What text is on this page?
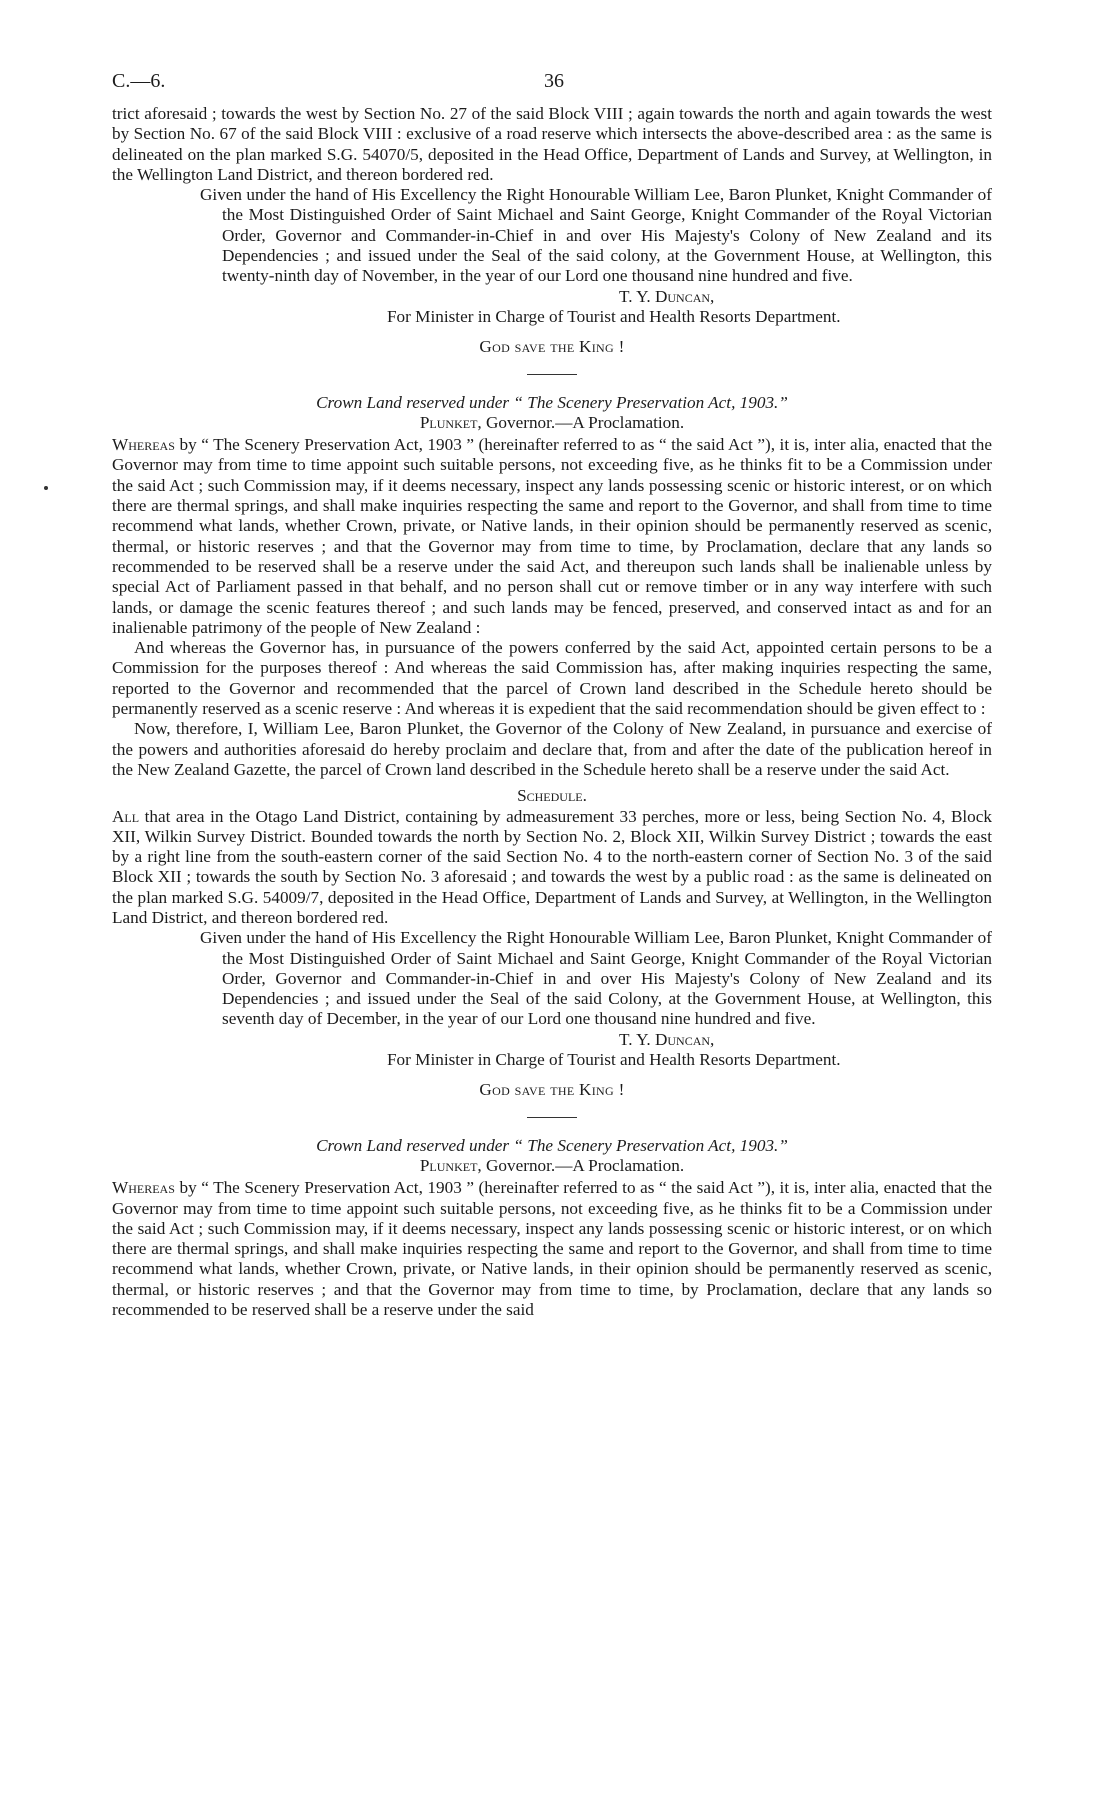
C.—6.	36

trict aforesaid ; towards the west by Section No. 27 of the said Block VIII ; again towards the north and again towards the west by Section No. 67 of the said Block VIII : exclusive of a road reserve which intersects the above-described area : as the same is delineated on the plan marked S.G. 54070/5, deposited in the Head Office, Department of Lands and Survey, at Wellington, in the Wellington Land District, and thereon bordered red.

Given under the hand of His Excellency the Right Honourable William Lee, Baron Plunket, Knight Commander of the Most Distinguished Order of Saint Michael and Saint George, Knight Commander of the Royal Victorian Order, Governor and Commander-in-Chief in and over His Majesty's Colony of New Zealand and its Dependencies ; and issued under the Seal of the said colony, at the Government House, at Wellington, this twenty-ninth day of November, in the year of our Lord one thousand nine hundred and five.

T. Y. Duncan,

For Minister in Charge of Tourist and Health Resorts Department.

God save the King !

Crown Land reserved under “ The Scenery Preservation Act, 1903.”

Plunket, Governor.—A Proclamation.

Whereas by “ The Scenery Preservation Act, 1903 ” (hereinafter referred to as “ the said Act ”), it is, inter alia, enacted that the Governor may from time to time appoint such suitable persons, not exceeding five, as he thinks fit to be a Commission under the said Act ; such Commission may, if it deems necessary, inspect any lands possessing scenic or historic interest, or on which there are thermal springs, and shall make inquiries respecting the same and report to the Governor, and shall from time to time recommend what lands, whether Crown, private, or Native lands, in their opinion should be permanently reserved as scenic, thermal, or historic reserves ; and that the Governor may from time to time, by Proclamation, declare that any lands so recommended to be reserved shall be a reserve under the said Act, and thereupon such lands shall be inalienable unless by special Act of Parliament passed in that behalf, and no person shall cut or remove timber or in any way interfere with such lands, or damage the scenic features thereof ; and such lands may be fenced, preserved, and conserved intact as and for an inalienable patrimony of the people of New Zealand :

And whereas the Governor has, in pursuance of the powers conferred by the said Act, appointed certain persons to be a Commission for the purposes thereof : And whereas the said Commission has, after making inquiries respecting the same, reported to the Governor and recommended that the parcel of Crown land described in the Schedule hereto should be permanently reserved as a scenic reserve : And whereas it is expedient that the said recommendation should be given effect to :

Now, therefore, I, William Lee, Baron Plunket, the Governor of the Colony of New Zealand, in pursuance and exercise of the powers and authorities aforesaid do hereby proclaim and declare that, from and after the date of the publication hereof in the New Zealand Gazette, the parcel of Crown land described in the Schedule hereto shall be a reserve under the said Act.

Schedule.

All that area in the Otago Land District, containing by admeasurement 33 perches, more or less, being Section No. 4, Block XII, Wilkin Survey District. Bounded towards the north by Section No. 2, Block XII, Wilkin Survey District ; towards the east by a right line from the south-eastern corner of the said Section No. 4 to the north-eastern corner of Section No. 3 of the said Block XII ; towards the south by Section No. 3 aforesaid ; and towards the west by a public road : as the same is delineated on the plan marked S.G. 54009/7, deposited in the Head Office, Department of Lands and Survey, at Wellington, in the Wellington Land District, and thereon bordered red.

Given under the hand of His Excellency the Right Honourable William Lee, Baron Plunket, Knight Commander of the Most Distinguished Order of Saint Michael and Saint George, Knight Commander of the Royal Victorian Order, Governor and Commander-in-Chief in and over His Majesty's Colony of New Zealand and its Dependencies ; and issued under the Seal of the said Colony, at the Government House, at Wellington, this seventh day of December, in the year of our Lord one thousand nine hundred and five.

T. Y. Duncan,

For Minister in Charge of Tourist and Health Resorts Department.

God save the King !

Crown Land reserved under “ The Scenery Preservation Act, 1903.”

Plunket, Governor.—A Proclamation.

Whereas by “ The Scenery Preservation Act, 1903 ” (hereinafter referred to as “ the said Act ”), it is, inter alia, enacted that the Governor may from time to time appoint such suitable persons, not exceeding five, as he thinks fit to be a Commission under the said Act ; such Commission may, if it deems necessary, inspect any lands possessing scenic or historic interest, or on which there are thermal springs, and shall make inquiries respecting the same and report to the Governor, and shall from time to time recommend what lands, whether Crown, private, or Native lands, in their opinion should be permanently reserved as scenic, thermal, or historic reserves ; and that the Governor may from time to time, by Proclamation, declare that any lands so recommended to be reserved shall be a reserve under the said
